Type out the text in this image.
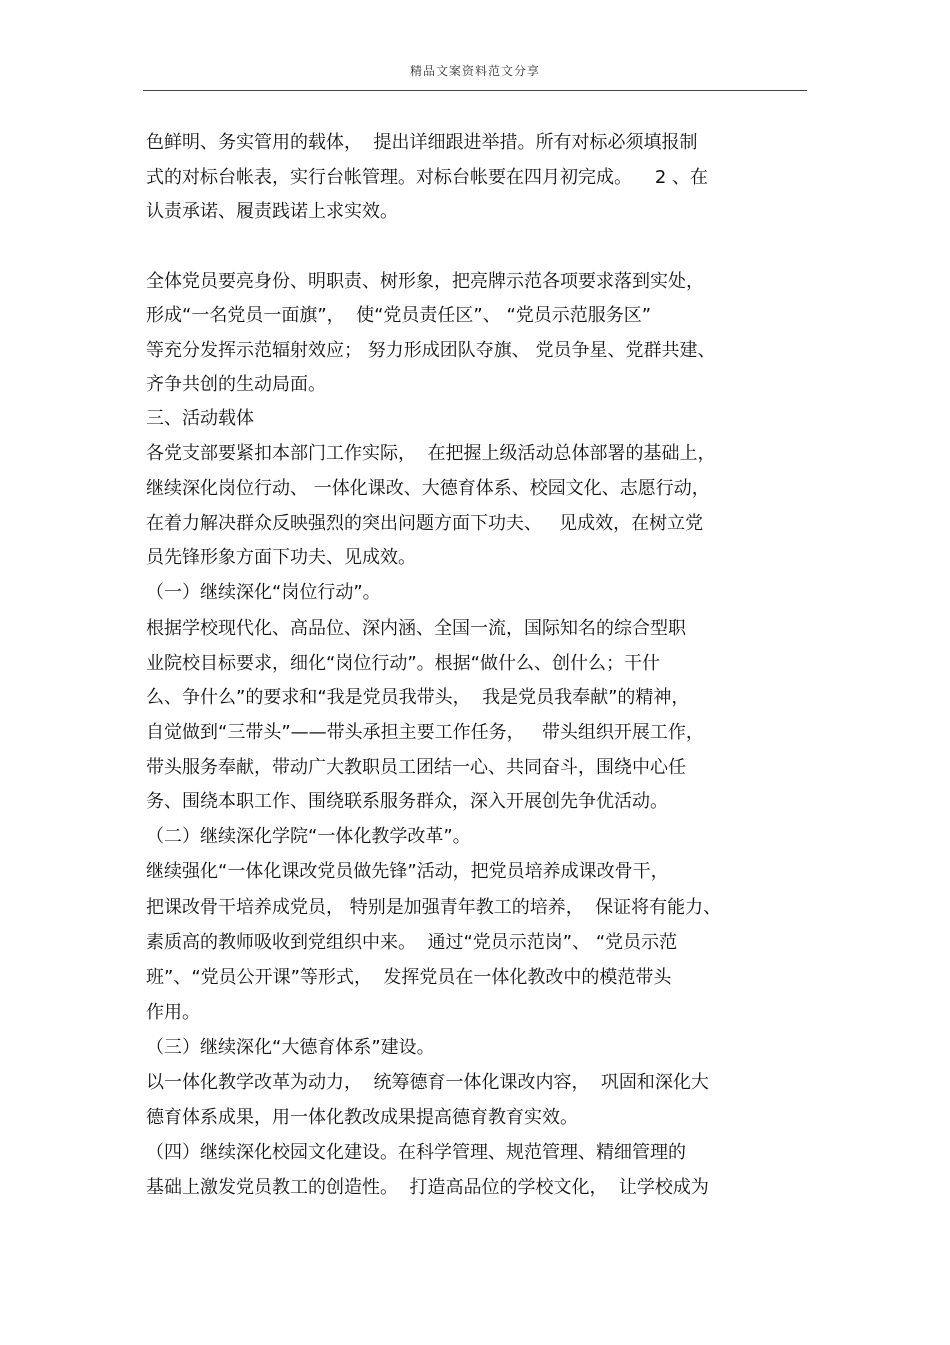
精品文案资料范文分享
色鲜明、务实管用的载体，  提出详细跟进举措。所有对标必须填报制
式的对标台帐表，实行台帐管理。对标台帐要在四月初完成。    2 、在
认责承诺、履责践诺上求实效。
全体党员要亮身份、明职责、树形象，把亮牌示范各项要求落到实处，
形成“一名党员一面旗”，  使“党员责任区”、 “党员示范服务区”
等充分发挥示范辐射效应； 努力形成团队夺旗、 党员争星、党群共建、
齐争共创的生动局面。
三、活动载体
各党支部要紧扣本部门工作实际，  在把握上级活动总体部署的基础上，
继续深化岗位行动、 一体化课改、大德育体系、校园文化、志愿行动，
在着力解决群众反映强烈的突出问题方面下功夫、   见成效，在树立党
员先锋形象方面下功夫、见成效。
（一）继续深化“岗位行动”。
根据学校现代化、高品位、深内涵、全国一流，国际知名的综合型职
业院校目标要求，细化“岗位行动”。根据“做什么、创什么；干什
么、争什么”的要求和“我是党员我带头，  我是党员我奉献”的精神，
自觉做到“三带头”——带头承担主要工作任务，   带头组织开展工作，
带头服务奉献，带动广大教职员工团结一心、共同奋斗，围绕中心任
务、围绕本职工作、围绕联系服务群众，深入开展创先争优活动。
（二）继续深化学院“一体化教学改革”。
继续强化“一体化课改党员做先锋”活动，把党员培养成课改骨干，
把课改骨干培养成党员， 特别是加强青年教工的培养，  保证将有能力、
素质高的教师吸收到党组织中来。  通过“党员示范岗”、 “党员示范
班”、“党员公开课”等形式，  发挥党员在一体化教改中的模范带头
作用。
（三）继续深化“大德育体系”建设。
以一体化教学改革为动力，  统筹德育一体化课改内容，  巩固和深化大
德育体系成果，用一体化教改成果提高德育教育实效。
（四）继续深化校园文化建设。在科学管理、规范管理、精细管理的
基础上激发党员教工的创造性。  打造高品位的学校文化，  让学校成为
